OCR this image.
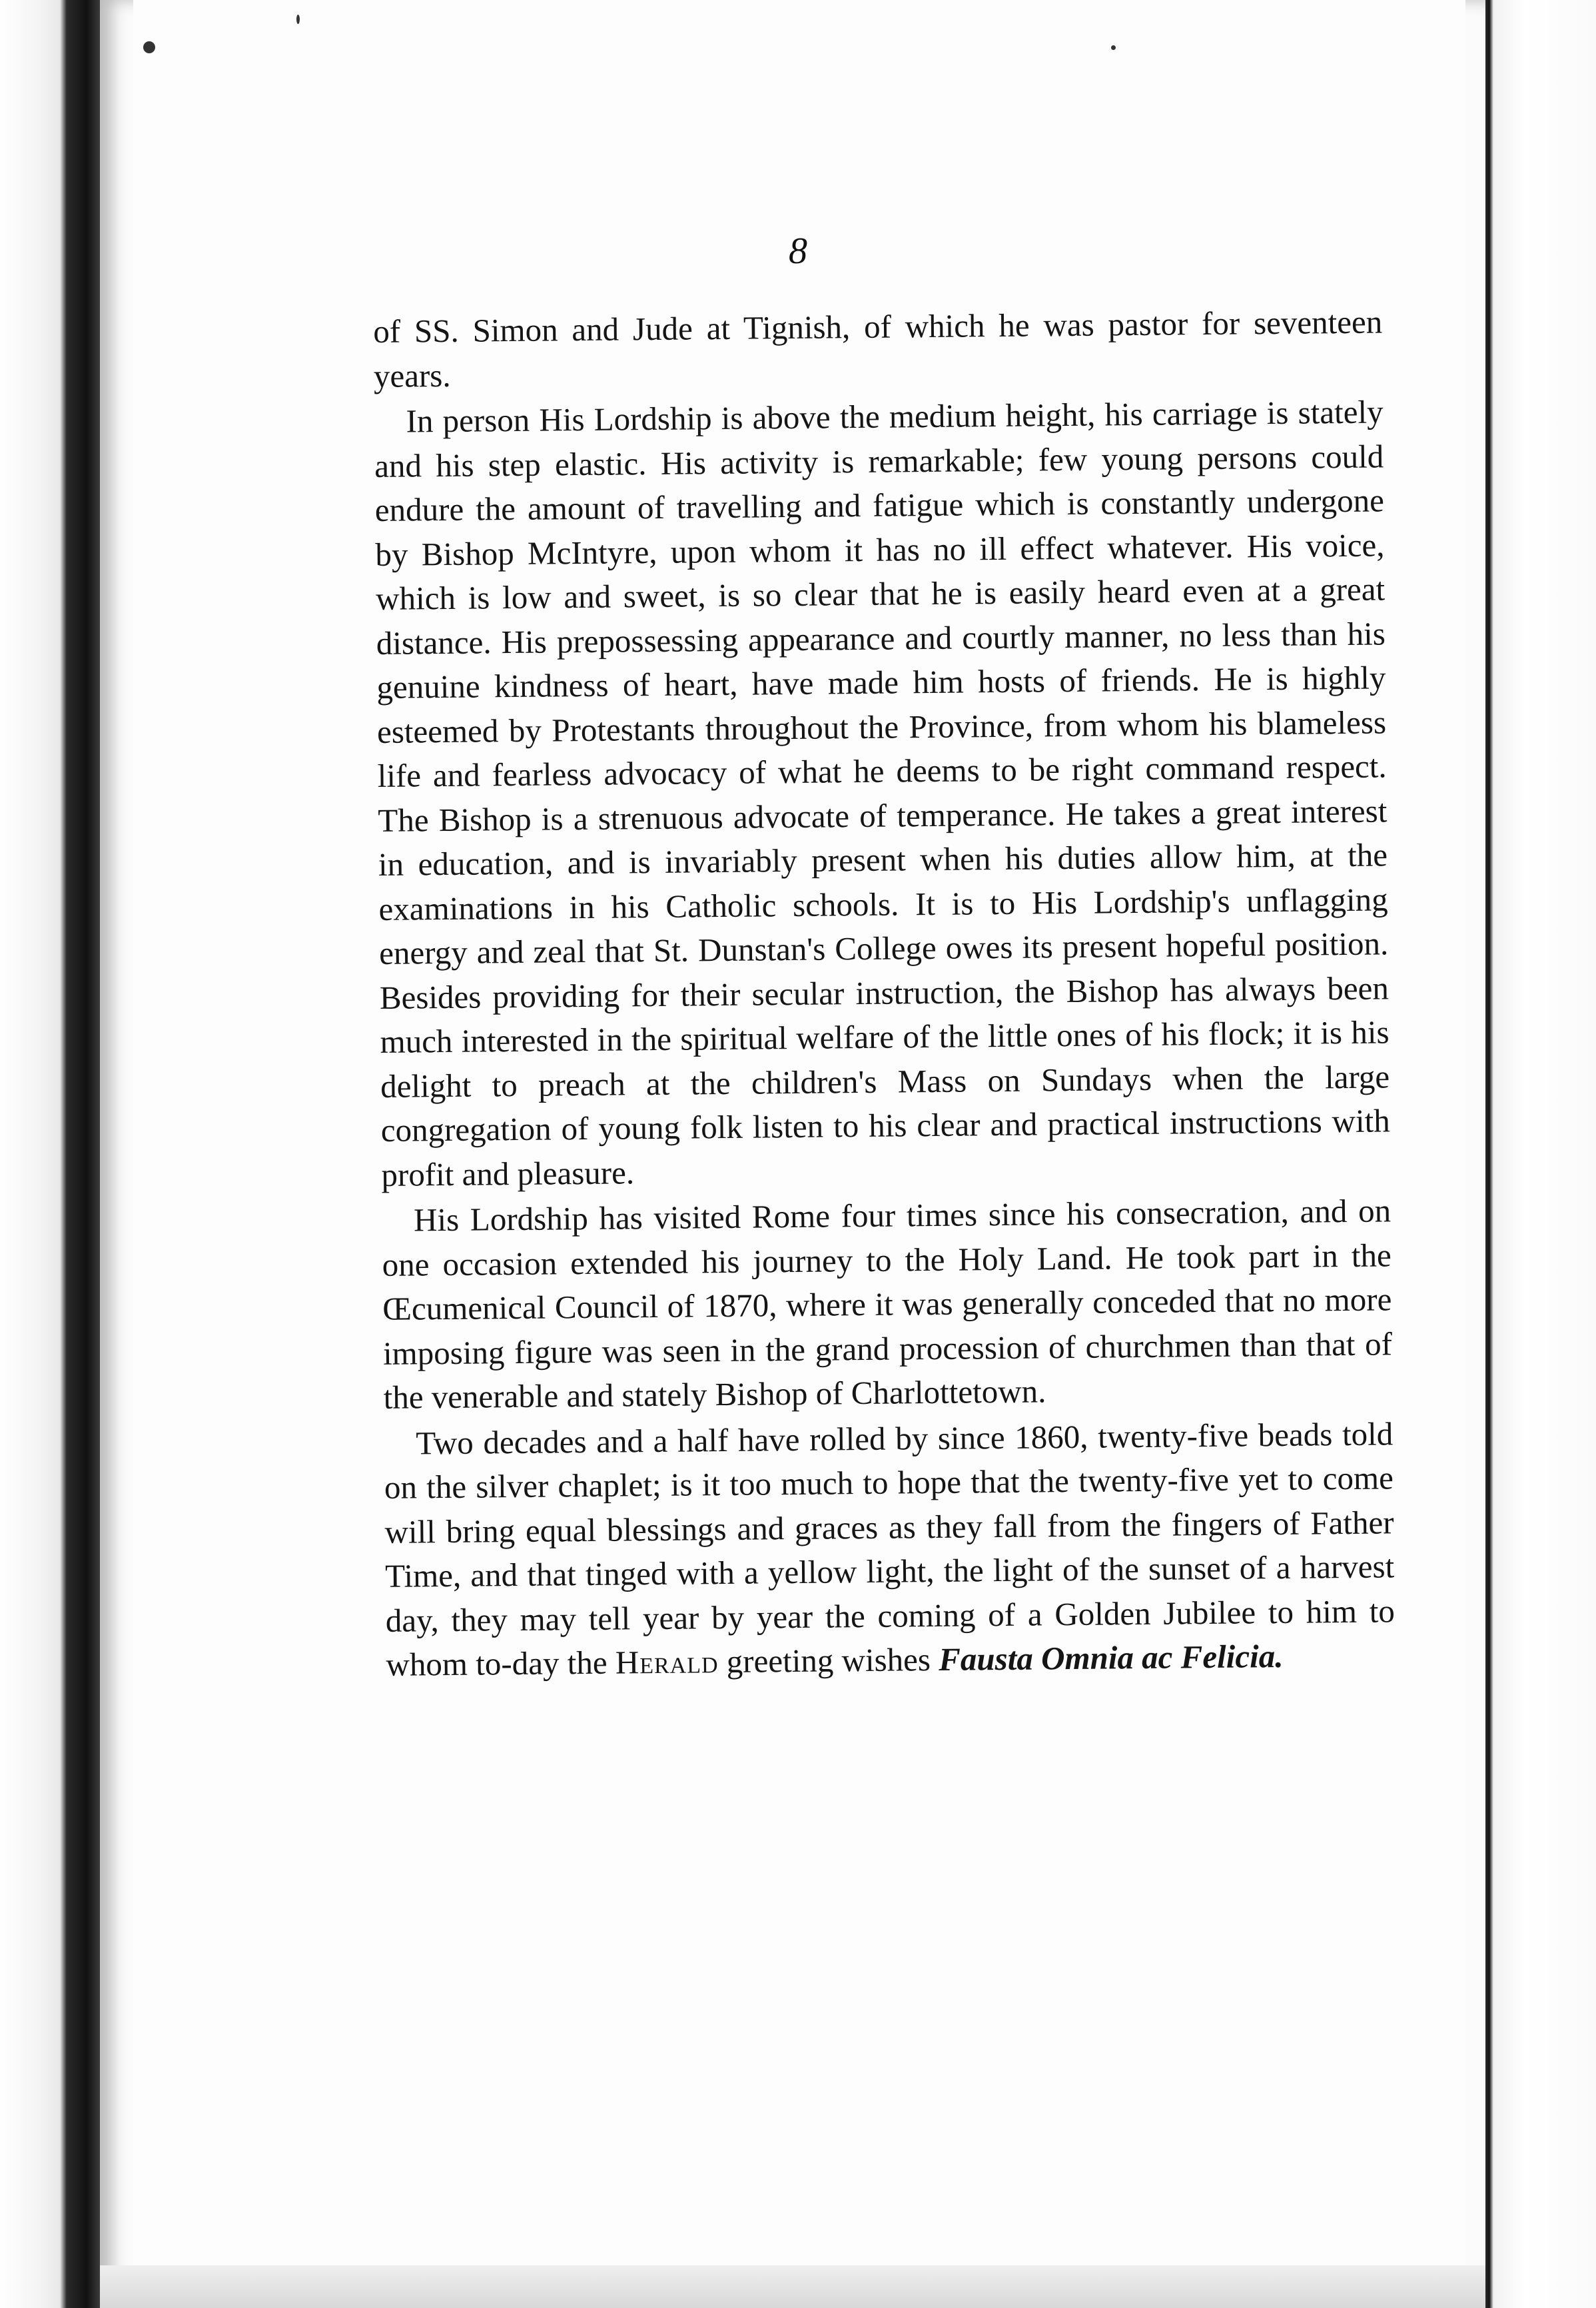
8

of SS. Simon and Jude at Tignish, of which he was pastor for seventeen years.

In person His Lordship is above the medium height, his carriage is stately and his step elastic. His activity is remarkable; few young persons could endure the amount of travelling and fatigue which is constantly undergone by Bishop McIntyre, upon whom it has no ill effect whatever. His voice, which is low and sweet, is so clear that he is easily heard even at a great distance. His prepossessing appearance and courtly manner, no less than his genuine kindness of heart, have made him hosts of friends. He is highly esteemed by Protestants throughout the Province, from whom his blameless life and fearless advocacy of what he deems to be right command respect. The Bishop is a strenuous advocate of temperance. He takes a great interest in education, and is invariably present when his duties allow him, at the examinations in his Catholic schools. It is to His Lordship's unflagging energy and zeal that St. Dunstan's College owes its present hopeful position. Besides providing for their secular instruction, the Bishop has always been much interested in the spiritual welfare of the little ones of his flock; it is his delight to preach at the children's Mass on Sundays when the large congregation of young folk listen to his clear and practical instructions with profit and pleasure.

His Lordship has visited Rome four times since his consecration, and on one occasion extended his journey to the Holy Land. He took part in the Œcumenical Council of 1870, where it was generally conceded that no more imposing figure was seen in the grand procession of churchmen than that of the venerable and stately Bishop of Charlottetown.

Two decades and a half have rolled by since 1860, twenty-five beads told on the silver chaplet; is it too much to hope that the twenty-five yet to come will bring equal blessings and graces as they fall from the fingers of Father Time, and that tinged with a yellow light, the light of the sunset of a harvest day, they may tell year by year the coming of a Golden Jubilee to him to whom to-day the Herald greeting wishes Fausta Omnia ac Felicia.
